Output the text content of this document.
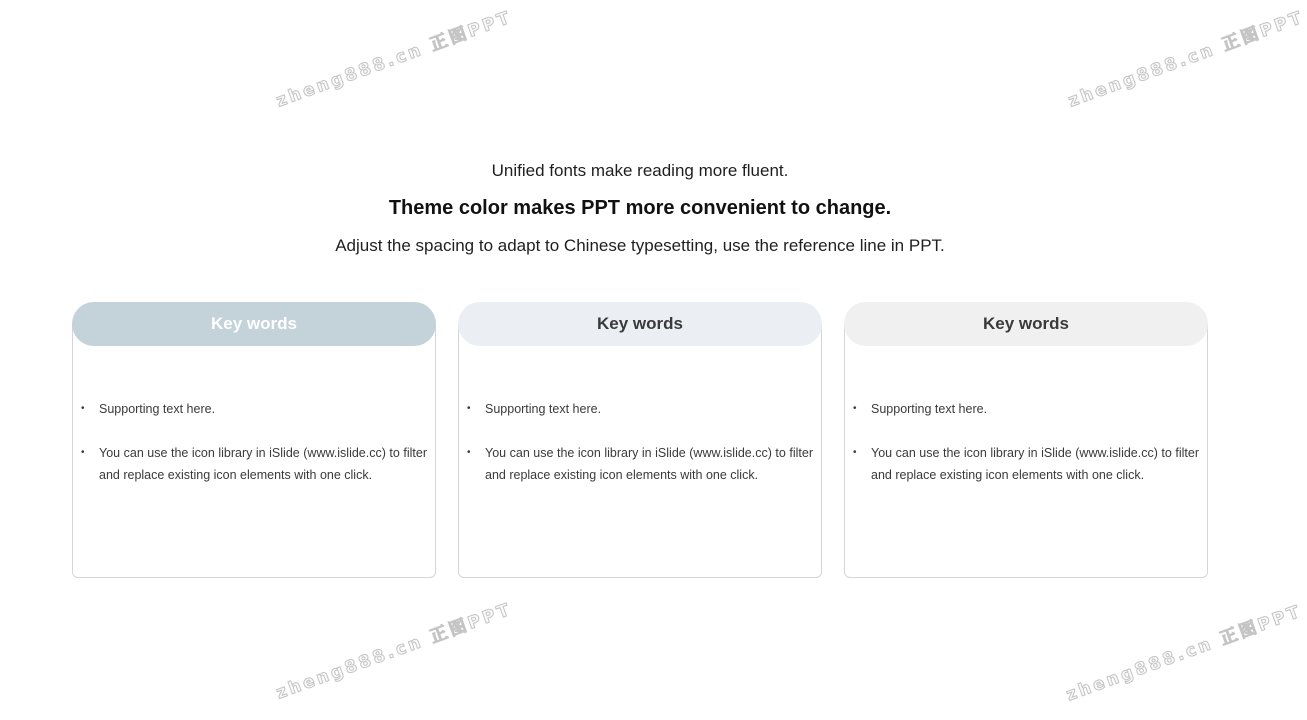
zheng888.cn 正图PPT	zheng888.cn 正图PPT
zheng888.cn 正图PPT	zheng888.cn 正图PPT
Unified fonts make reading more fluent.
Theme color makes PPT more convenient to change.
Adjust the spacing to adapt to Chinese typesetting, use the reference line in PPT.
• Supporting text here.
• You can use the icon library in iSlide (www.islide.cc) to filter and replace existing icon elements with one click.
Key words
• Supporting text here.
• You can use the icon library in iSlide (www.islide.cc) to filter and replace existing icon elements with one click.
Key words
• Supporting text here.
• You can use the icon library in iSlide (www.islide.cc) to filter and replace existing icon elements with one click.
Key words
